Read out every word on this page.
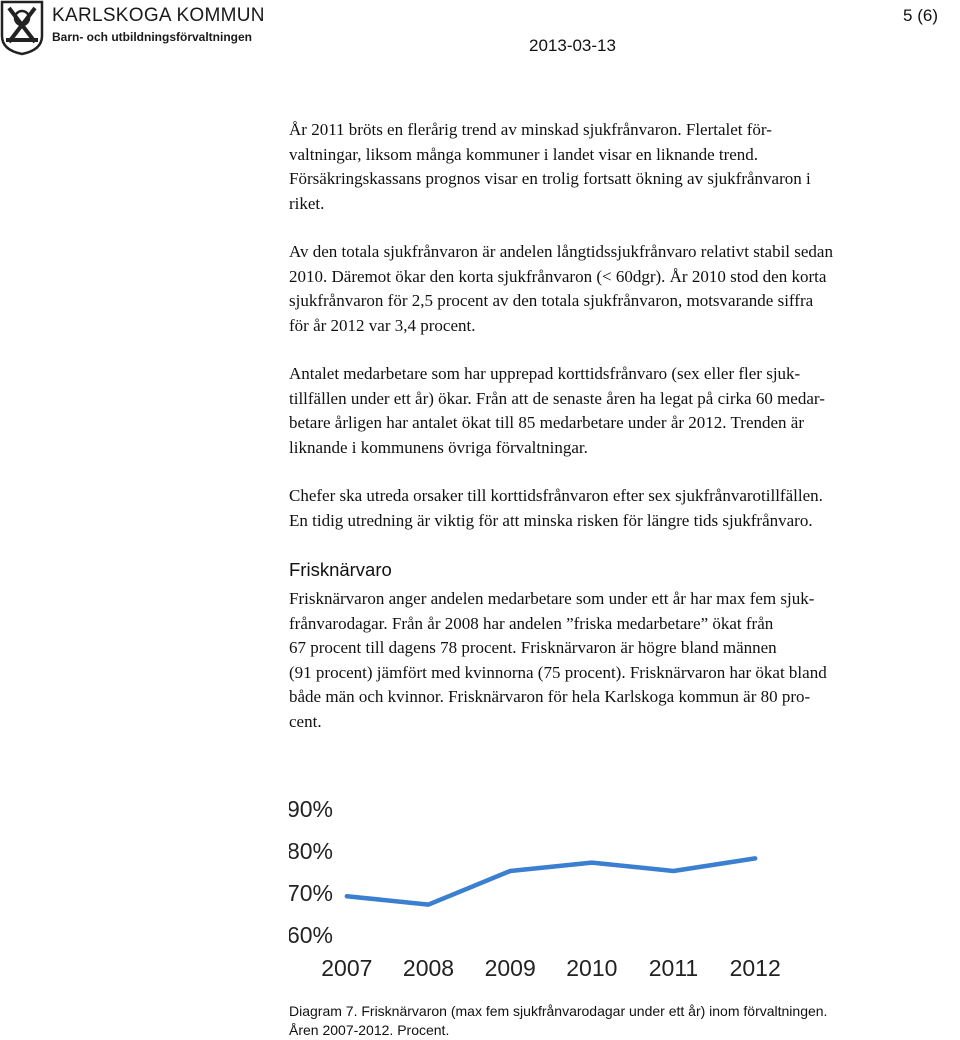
KARLSKOGA KOMMUN
Barn- och utbildningsförvaltningen
5 (6)
2013-03-13

År 2011 bröts en flerårig trend av minskad sjukfrånvaron. Flertalet för-
valtningar, liksom många kommuner i landet visar en liknande trend.
Försäkringskassans prognos visar en trolig fortsatt ökning av sjukfrånvaron i
riket.

Av den totala sjukfrånvaron är andelen långtidssjukfrånvaro relativt stabil sedan
2010. Däremot ökar den korta sjukfrånvaron (< 60dgr). År 2010 stod den korta
sjukfrånvaron för 2,5 procent av den totala sjukfrånvaron, motsvarande siffra
för år 2012 var 3,4 procent.

Antalet medarbetare som har upprepad korttidsfrånvaro (sex eller fler sjuk-
tillfällen under ett år) ökar. Från att de senaste åren ha legat på cirka 60 medar-
betare årligen har antalet ökat till 85 medarbetare under år 2012. Trenden är
liknande i kommunens övriga förvaltningar.

Chefer ska utreda orsaker till korttidsfrånvaron efter sex sjukfrånvarotillfällen.
En tidig utredning är viktig för att minska risken för längre tids sjukfrånvaro.

Frisknärvaro

Frisknärvaron anger andelen medarbetare som under ett år har max fem sjuk-
frånvarodagar. Från år 2008 har andelen ”friska medarbetare” ökat från
67 procent till dagens 78 procent. Frisknärvaron är högre bland männen
(91 procent) jämfört med kvinnorna (75 procent). Frisknärvaron har ökat bland
både män och kvinnor. Frisknärvaron för hela Karlskoga kommun är 80 pro-
cent.

90%
80%
70%
60%
2007 2008 2009 2010 2011 2012
Diagram 7. Frisknärvaron (max fem sjukfrånvarodagar under ett år) inom förvaltningen.
Åren 2007-2012. Procent.
